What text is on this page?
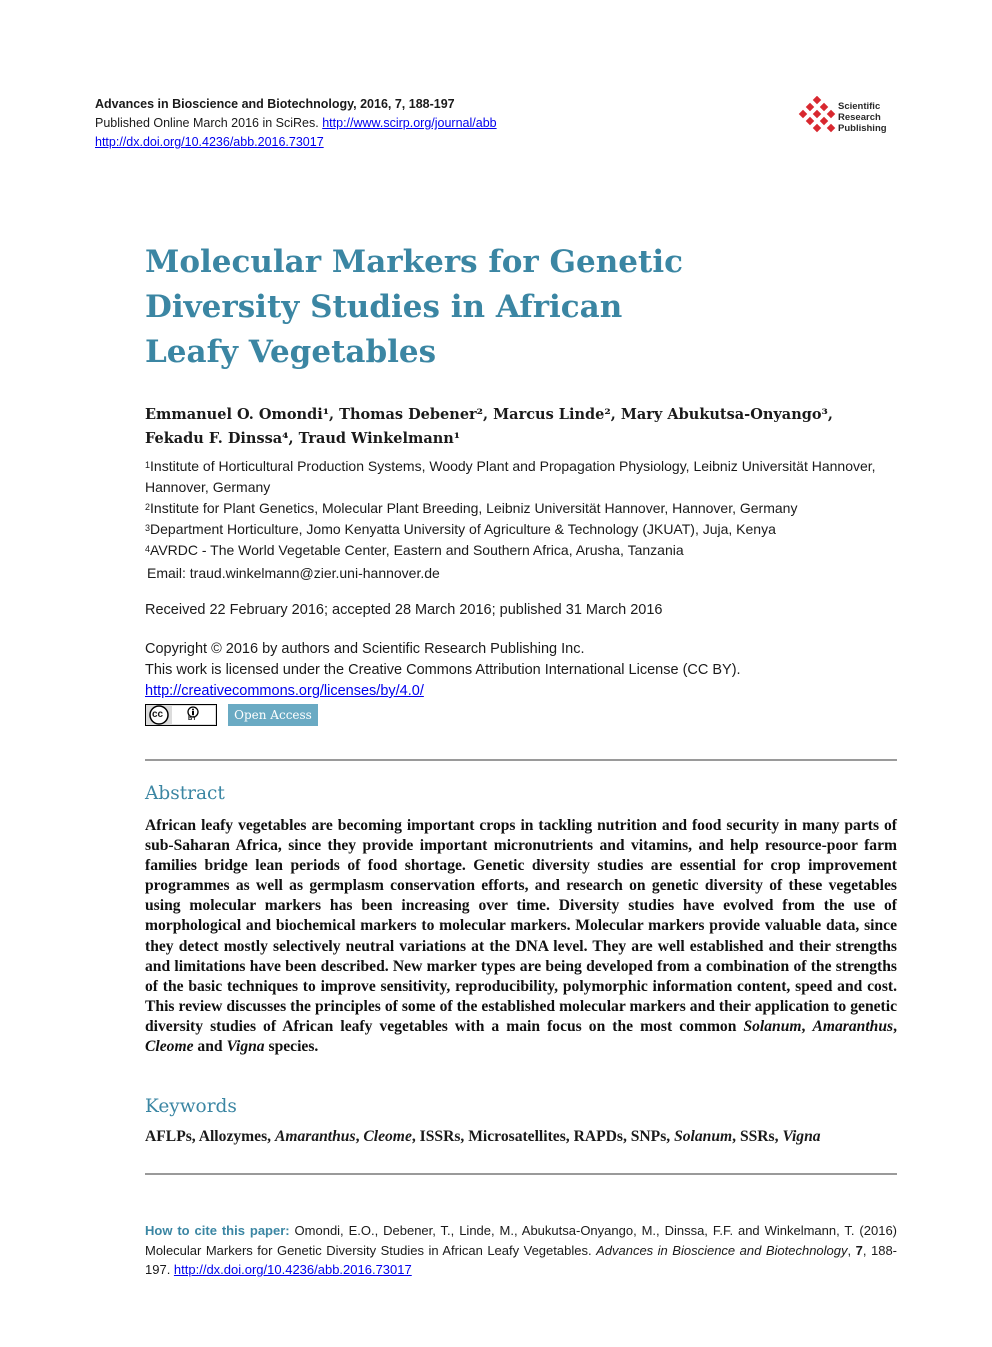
Advances in Bioscience and Biotechnology, 2016, 7, 188-197
Published Online March 2016 in SciRes. http://www.scirp.org/journal/abb
http://dx.doi.org/10.4236/abb.2016.73017
Scientific
Research
Publishing
Molecular Markers for Genetic
Diversity Studies in African
Leafy Vegetables
Emmanuel O. Omondi¹, Thomas Debener², Marcus Linde², Mary Abukutsa-Onyango³,
Fekadu F. Dinssa⁴, Traud Winkelmann¹
$^1$Institute of Horticultural Production Systems, Woody Plant and Propagation Physiology, Leibniz Universität Hannover, Hannover, Germany
$^2$Institute for Plant Genetics, Molecular Plant Breeding, Leibniz Universität Hannover, Hannover, Germany
$^3$Department Horticulture, Jomo Kenyatta University of Agriculture & Technology (JKUAT), Juja, Kenya
$^4$AVRDC - The World Vegetable Center, Eastern and Southern Africa, Arusha, Tanzania
Email: traud.winkelmann@zier.uni-hannover.de
Received 22 February 2016; accepted 28 March 2016; published 31 March 2016
Copyright © 2016 by authors and Scientific Research Publishing Inc.
This work is licensed under the Creative Commons Attribution International License (CC BY).
http://creativecommons.org/licenses/by/4.0/
cc	BY	Open Access
Abstract
African leafy vegetables are becoming important crops in tackling nutrition and food security in many parts of sub-Saharan Africa, since they provide important micronutrients and vitamins, and help resource-poor farm families bridge lean periods of food shortage. Genetic diversity studies are essential for crop improvement programmes as well as germplasm conservation efforts, and research on genetic diversity of these vegetables using molecular markers has been increasing over time. Diversity studies have evolved from the use of morphological and biochemical markers to molecular markers. Molecular markers provide valuable data, since they detect mostly selectively neutral variations at the DNA level. They are well established and their strengths and limitations have been described. New marker types are being developed from a combination of the strengths of the basic techniques to improve sensitivity, reproducibility, polymorphic information content, speed and cost. This review discusses the principles of some of the established molecular markers and their application to genetic diversity studies of African leafy vegetables with a main focus on the most common Solanum, Amaranthus, Cleome and Vigna species.
Keywords
AFLPs, Allozymes, Amaranthus, Cleome, ISSRs, Microsatellites, RAPDs, SNPs, Solanum, SSRs, Vigna
How to cite this paper: Omondi, E.O., Debener, T., Linde, M., Abukutsa-Onyango, M., Dinssa, F.F. and Winkelmann, T. (2016) Molecular Markers for Genetic Diversity Studies in African Leafy Vegetables. Advances in Bioscience and Biotechnology, 7, 188-197. http://dx.doi.org/10.4236/abb.2016.73017
